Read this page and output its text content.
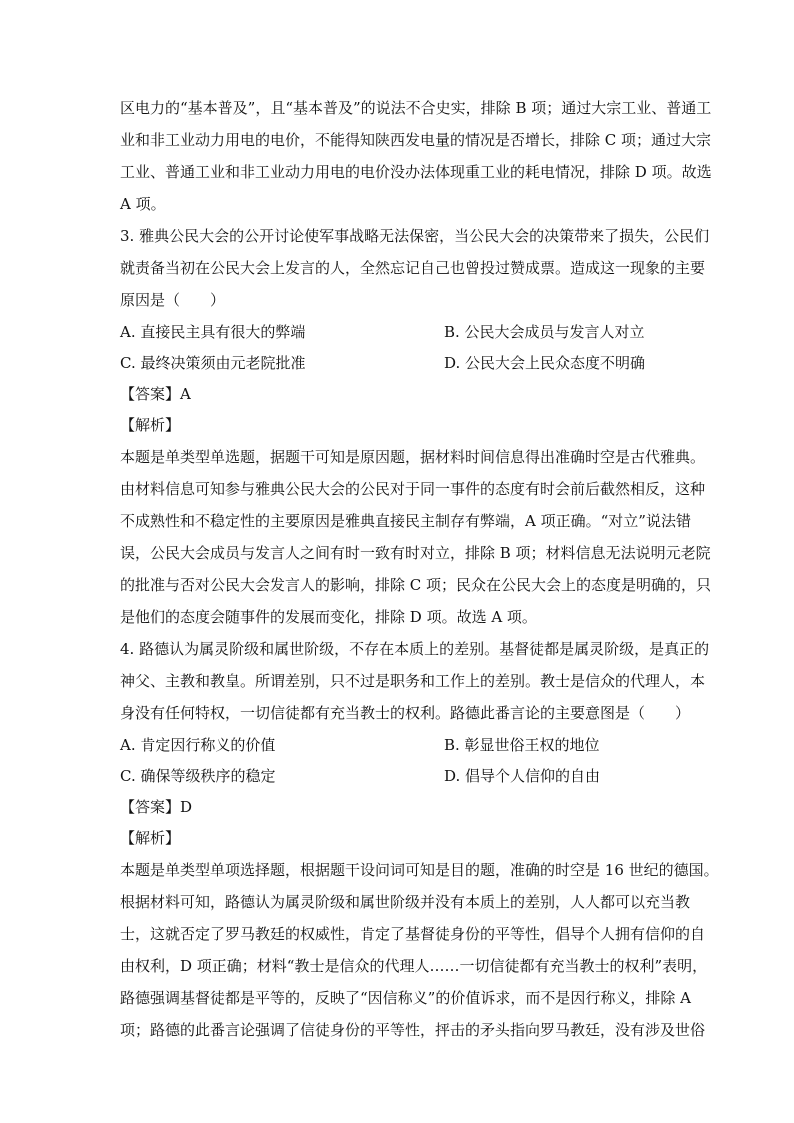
区电力的“基本普及”，且“基本普及”的说法不合史实，排除 B 项；通过大宗工业、普通工
业和非工业动力用电的电价，不能得知陕西发电量的情况是否增长，排除 C 项；通过大宗
工业、普通工业和非工业动力用电的电价没办法体现重工业的耗电情况，排除 D 项。故选
A 项。
3. 雅典公民大会的公开讨论使军事战略无法保密，当公民大会的决策带来了损失，公民们
就责备当初在公民大会上发言的人，全然忘记自己也曾投过赞成票。造成这一现象的主要
原因是（　　）
A. 直接民主具有很大的弊端	B. 公民大会成员与发言人对立
C. 最终决策须由元老院批准	D. 公民大会上民众态度不明确
【答案】A
【解析】
本题是单类型单选题，据题干可知是原因题，据材料时间信息得出准确时空是古代雅典。
由材料信息可知参与雅典公民大会的公民对于同一事件的态度有时会前后截然相反，这种
不成熟性和不稳定性的主要原因是雅典直接民主制存有弊端，A 项正确。“对立”说法错
误，公民大会成员与发言人之间有时一致有时对立，排除 B 项；材料信息无法说明元老院
的批准与否对公民大会发言人的影响，排除 C 项；民众在公民大会上的态度是明确的，只
是他们的态度会随事件的发展而变化，排除 D 项。故选 A 项。
4. 路德认为属灵阶级和属世阶级，不存在本质上的差别。基督徒都是属灵阶级，是真正的
神父、主教和教皇。所谓差别，只不过是职务和工作上的差别。教士是信众的代理人，本
身没有任何特权，一切信徒都有充当教士的权利。路德此番言论的主要意图是（　　）
A. 肯定因行称义的价值	B. 彰显世俗王权的地位
C. 确保等级秩序的稳定	D. 倡导个人信仰的自由
【答案】D
【解析】
本题是单类型单项选择题，根据题干设问词可知是目的题，准确的时空是 16 世纪的德国。
根据材料可知，路德认为属灵阶级和属世阶级并没有本质上的差别，人人都可以充当教
士，这就否定了罗马教廷的权威性，肯定了基督徒身份的平等性，倡导个人拥有信仰的自
由权利，D 项正确；材料“教士是信众的代理人……一切信徒都有充当教士的权利”表明，
路德强调基督徒都是平等的，反映了“因信称义”的价值诉求，而不是因行称义，排除 A
项；路德的此番言论强调了信徒身份的平等性，抨击的矛头指向罗马教廷，没有涉及世俗
